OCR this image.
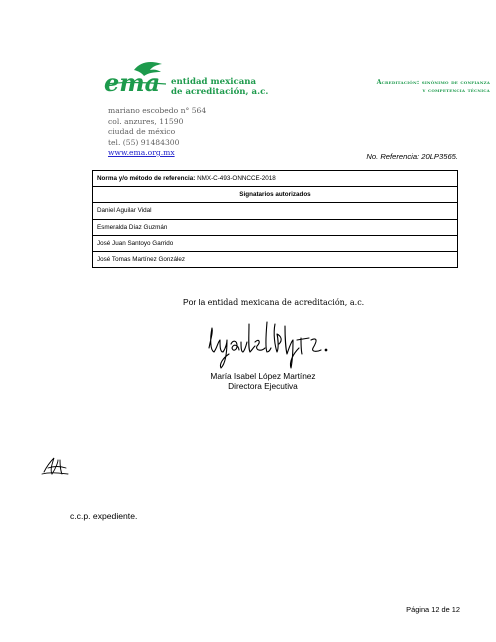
ema entidad mexicana
de acreditación, a.c.
Acreditación: sinónimo de confianza
y competencia técnica
mariano escobedo n° 564
col. anzures, 11590
ciudad de méxico
tel. (55) 91484300
www.ema.org.mx	No. Referencia: 20LP3565.
Norma y/o método de referencia: NMX-C-493-ONNCCE-2018
Signatarios autorizados
Daniel Aguilar Vidal
Esmeralda Díaz Guzmán
José Juan Santoyo Garrido
José Tomas Martínez González
Por la entidad mexicana de acreditación, a.c.
María Isabel López Martínez
Directora Ejecutiva
c.c.p. expediente.
Página 12 de 12
